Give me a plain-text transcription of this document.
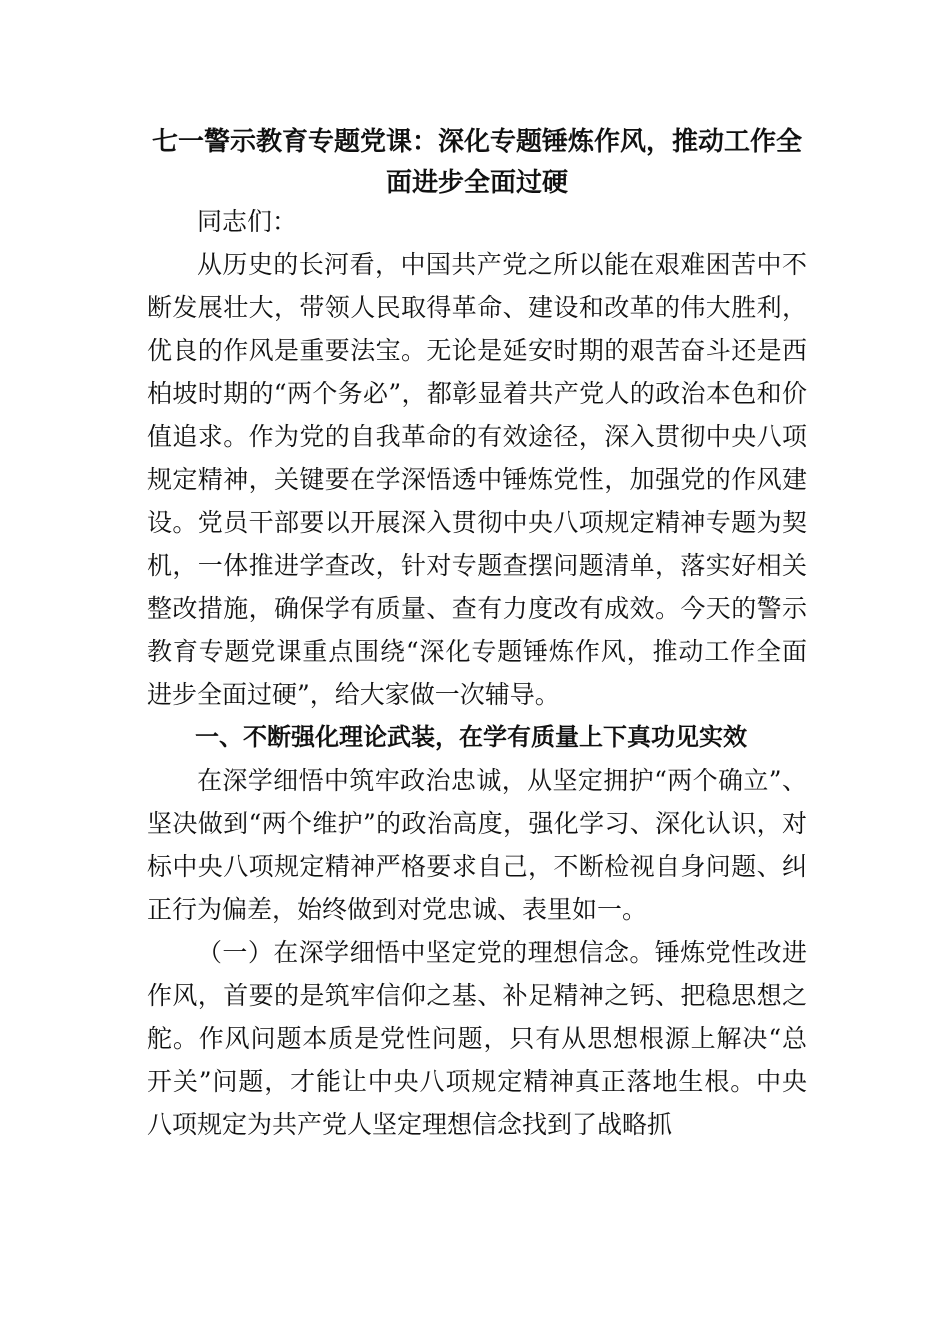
七一警示教育专题党课：深化专题锤炼作风，推动工作全
面进步全面过硬

同志们：

从历史的长河看，中国共产党之所以能在艰难困苦中不断发展壮大，带领人民取得革命、建设和改革的伟大胜利，优良的作风是重要法宝。无论是延安时期的艰苦奋斗还是西柏坡时期的“两个务必”，都彰显着共产党人的政治本色和价值追求。作为党的自我革命的有效途径，深入贯彻中央八项规定精神，关键要在学深悟透中锤炼党性，加强党的作风建设。党员干部要以开展深入贯彻中央八项规定精神专题为契机，一体推进学查改，针对专题查摆问题清单，落实好相关整改措施，确保学有质量、查有力度改有成效。今天的警示教育专题党课重点围绕“深化专题锤炼作风，推动工作全面进步全面过硬”，给大家做一次辅导。

一、不断强化理论武装，在学有质量上下真功见实效

在深学细悟中筑牢政治忠诚，从坚定拥护“两个确立”、坚决做到“两个维护”的政治高度，强化学习、深化认识，对标中央八项规定精神严格要求自己，不断检视自身问题、纠正行为偏差，始终做到对党忠诚、表里如一。

（一）在深学细悟中坚定党的理想信念。锤炼党性改进作风，首要的是筑牢信仰之基、补足精神之钙、把稳思想之舵。作风问题本质是党性问题，只有从思想根源上解决“总开关”问题，才能让中央八项规定精神真正落地生根。中央八项规定为共产党人坚定理想信念找到了战略抓
